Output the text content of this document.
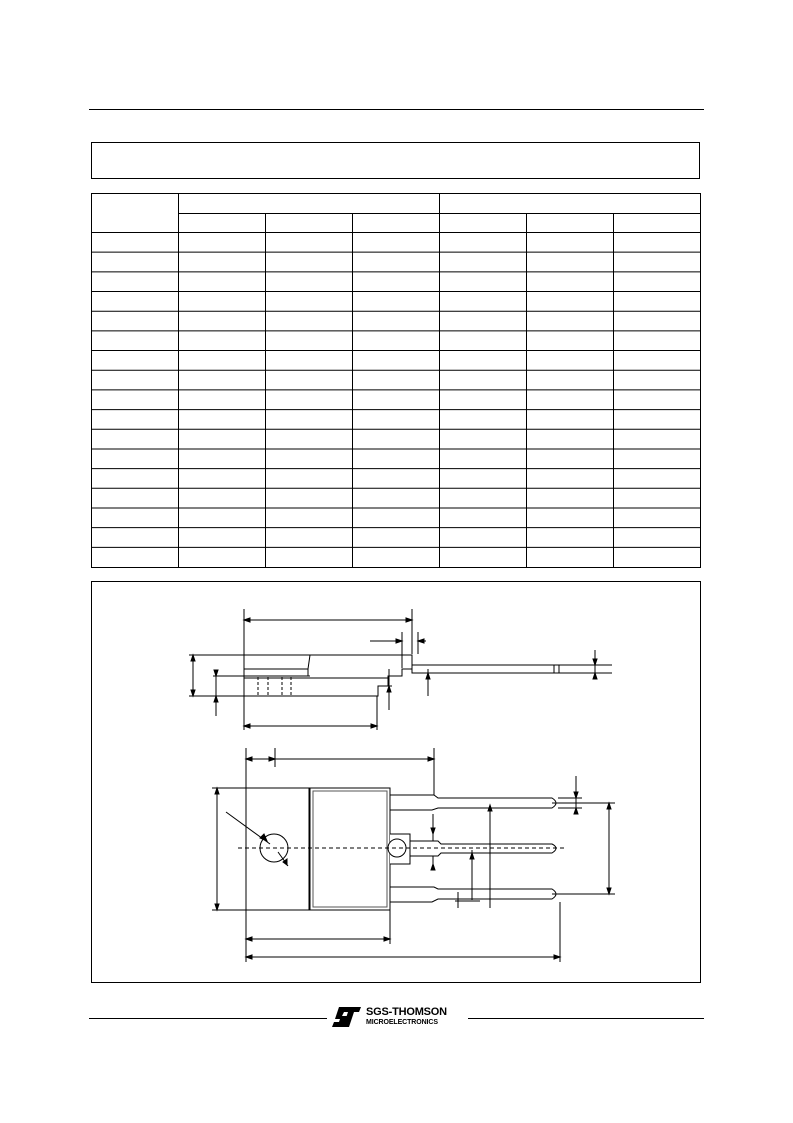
SGS-THOMSON
MICROELECTRONICS
